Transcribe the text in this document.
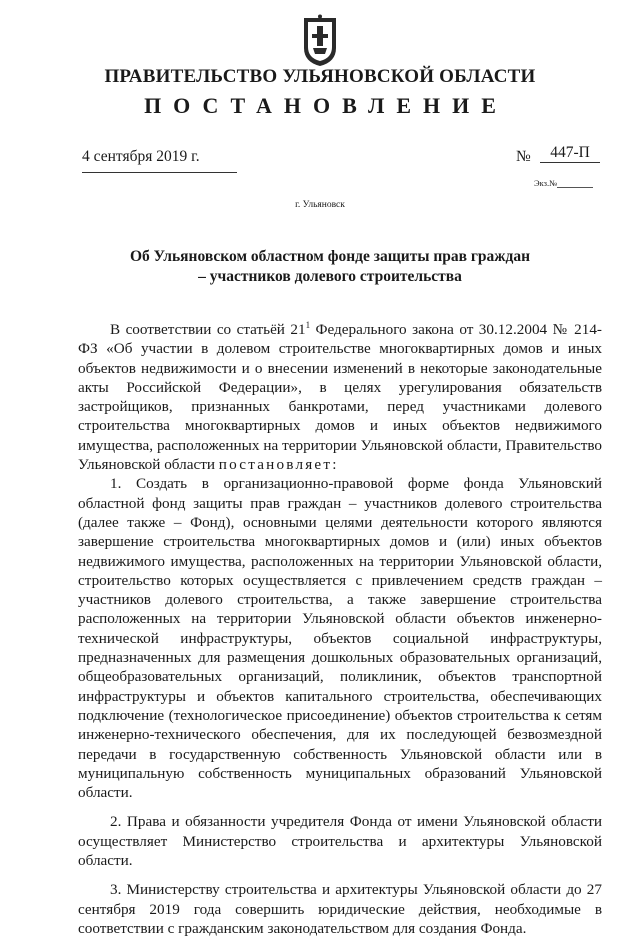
ПРАВИТЕЛЬСТВО УЛЬЯНОВСКОЙ ОБЛАСТИ
ПОСТАНОВЛЕНИЕ
4 сентября 2019 г.	№	447-П
Экз.№
г. Ульяновск
Об Ульяновском областном фонде защиты прав граждан
– участников долевого строительства

В соответствии со статьёй $21^1$ Федерального закона от 30.12.2004 № 214-ФЗ «Об участии в долевом строительстве многоквартирных домов и иных объектов недвижимости и о внесении изменений в некоторые законодательные акты Российской Федерации», в целях урегулирования обязательств застройщиков, признанных банкротами, перед участниками долевого строительства многоквартирных домов и иных объектов недвижимого имущества, расположенных на территории Ульяновской области, Правительство Ульяновской области постановляет:

1. Создать в организационно-правовой форме фонда Ульяновский областной фонд защиты прав граждан – участников долевого строительства (далее также – Фонд), основными целями деятельности которого являются завершение строительства многоквартирных домов и (или) иных объектов недвижимого имущества, расположенных на территории Ульяновской области, строительство которых осуществляется с привлечением средств граждан – участников долевого строительства, а также завершение строительства расположенных на территории Ульяновской области объектов инженерно-технической инфраструктуры, объектов социальной инфраструктуры, предназначенных для размещения дошкольных образовательных организаций, общеобразовательных организаций, поликлиник, объектов транспортной инфраструктуры и объектов капитального строительства, обеспечивающих подключение (технологическое присоединение) объектов строительства к сетям инженерно-технического обеспечения, для их последующей безвозмездной передачи в государственную собственность Ульяновской области или в муниципальную собственность муниципальных образований Ульяновской области.

2. Права и обязанности учредителя Фонда от имени Ульяновской области осуществляет Министерство строительства и архитектуры Ульяновской области.

3. Министерству строительства и архитектуры Ульяновской области до 27 сентября 2019 года совершить юридические действия, необходимые в соответствии с гражданским законодательством для создания Фонда.
